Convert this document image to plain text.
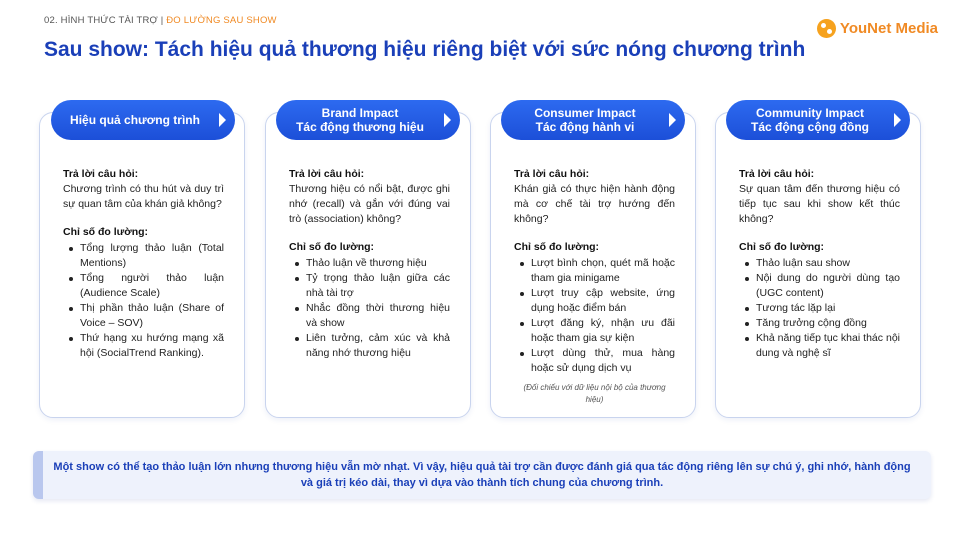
02. HÌNH THỨC TÀI TRỢ | ĐO LƯỜNG SAU SHOW
Sau show: Tách hiệu quả thương hiệu riêng biệt với sức nóng chương trình
YouNet Media
Trả lời câu hỏi:
Chương trình có thu hút và duy trì sự quan tâm của khán giả không?
Chỉ số đo lường:
Tổng lượng thảo luận (Total Mentions)
Tổng người thảo luận (Audience Scale)
Thị phần thảo luận (Share of Voice – SOV)
Thứ hạng xu hướng mạng xã hội (SocialTrend Ranking).
Hiệu quả chương trình
Trả lời câu hỏi:
Thương hiệu có nổi bật, được ghi nhớ (recall) và gắn với đúng vai trò (association) không?
Chỉ số đo lường:
Thảo luận về thương hiệu
Tỷ trọng thảo luận giữa các nhà tài trợ
Nhắc đồng thời thương hiệu và show
Liên tưởng, cảm xúc và khả năng nhớ thương hiệu
Brand Impact
Tác động thương hiệu
Trả lời câu hỏi:
Khán giả có thực hiện hành động mà cơ chế tài trợ hướng đến không?
Chỉ số đo lường:
Lượt bình chọn, quét mã hoặc tham gia minigame
Lượt truy cập website, ứng dụng hoặc điểm bán
Lượt đăng ký, nhận ưu đãi hoặc tham gia sự kiện
Lượt dùng thử, mua hàng hoặc sử dụng dịch vụ
(Đối chiếu với dữ liệu nội bộ của thương hiệu)
Consumer Impact
Tác động hành vi
Trả lời câu hỏi:
Sự quan tâm đến thương hiệu có tiếp tục sau khi show kết thúc không?
Chỉ số đo lường:
Thảo luận sau show
Nội dung do người dùng tạo (UGC content)
Tương tác lặp lại
Tăng trưởng cộng đồng
Khả năng tiếp tục khai thác nội dung và nghệ sĩ
Community Impact
Tác động cộng đồng
Một show có thể tạo thảo luận lớn nhưng thương hiệu vẫn mờ nhạt. Vì vậy, hiệu quả tài trợ cần được đánh giá qua tác động riêng lên sự chú ý, ghi nhớ, hành động và giá trị kéo dài, thay vì dựa vào thành tích chung của chương trình.
